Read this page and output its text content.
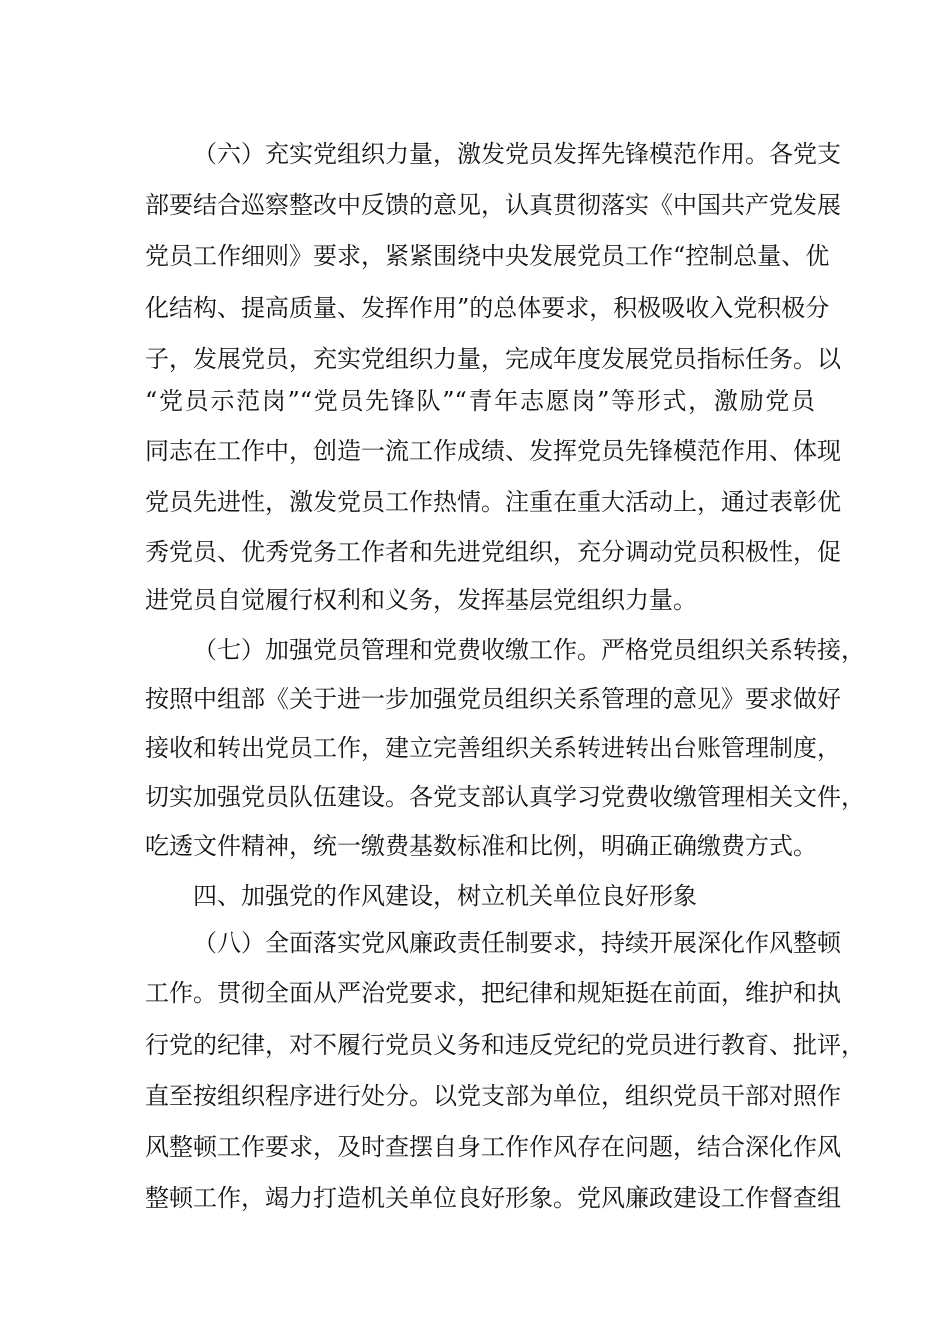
（六）充实党组织力量，激发党员发挥先锋模范作用。各党支
部要结合巡察整改中反馈的意见，认真贯彻落实《中国共产党发展
党员工作细则》要求，紧紧围绕中央发展党员工作“控制总量、优
化结构、提高质量、发挥作用”的总体要求，积极吸收入党积极分
子，发展党员，充实党组织力量，完成年度发展党员指标任务。以
“党员示范岗”“党员先锋队”“青年志愿岗”等形式，激励党员
同志在工作中，创造一流工作成绩、发挥党员先锋模范作用、体现
党员先进性，激发党员工作热情。注重在重大活动上，通过表彰优
秀党员、优秀党务工作者和先进党组织，充分调动党员积极性，促
进党员自觉履行权利和义务，发挥基层党组织力量。
（七）加强党员管理和党费收缴工作。严格党员组织关系转接，
按照中组部《关于进一步加强党员组织关系管理的意见》要求做好
接收和转出党员工作，建立完善组织关系转进转出台账管理制度，
切实加强党员队伍建设。各党支部认真学习党费收缴管理相关文件，
吃透文件精神，统一缴费基数标准和比例，明确正确缴费方式。
四、加强党的作风建设，树立机关单位良好形象
（八）全面落实党风廉政责任制要求，持续开展深化作风整顿
工作。贯彻全面从严治党要求，把纪律和规矩挺在前面，维护和执
行党的纪律，对不履行党员义务和违反党纪的党员进行教育、批评，
直至按组织程序进行处分。以党支部为单位，组织党员干部对照作
风整顿工作要求，及时查摆自身工作作风存在问题，结合深化作风
整顿工作，竭力打造机关单位良好形象。党风廉政建设工作督查组
